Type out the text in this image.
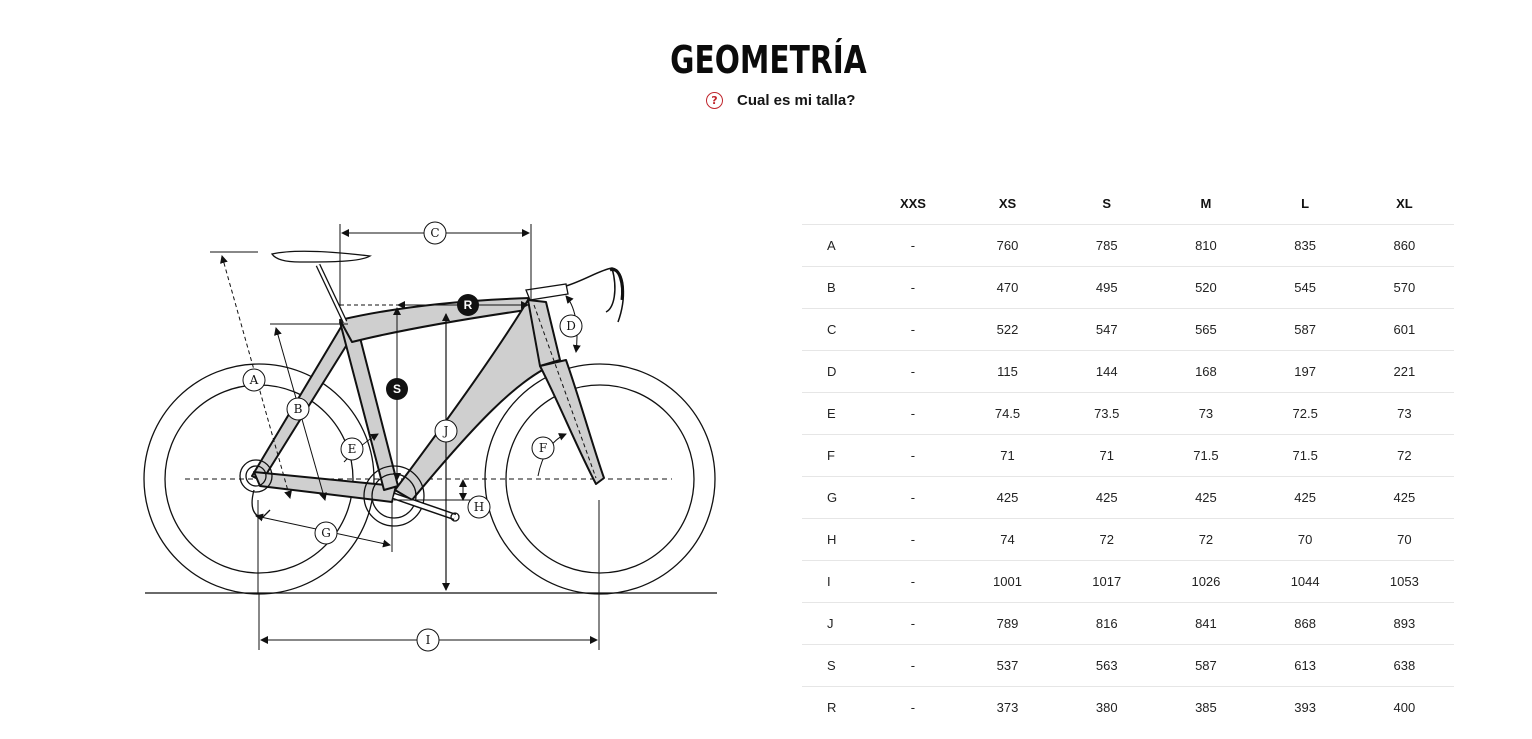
GEOMETRÍA
?	Cual es mi talla?
A
B
C
D
E	F
G
H
I
J
R
S
	XXS	XS	S	M	L	XL
A	-	760	785	810	835	860
B	-	470	495	520	545	570
C	-	522	547	565	587	601
D	-	115	144	168	197	221
E	-	74.5	73.5	73	72.5	73
F	-	71	71	71.5	71.5	72
G	-	425	425	425	425	425
H	-	74	72	72	70	70
I	-	1001	1017	1026	1044	1053
J	-	789	816	841	868	893
S	-	537	563	587	613	638
R	-	373	380	385	393	400
